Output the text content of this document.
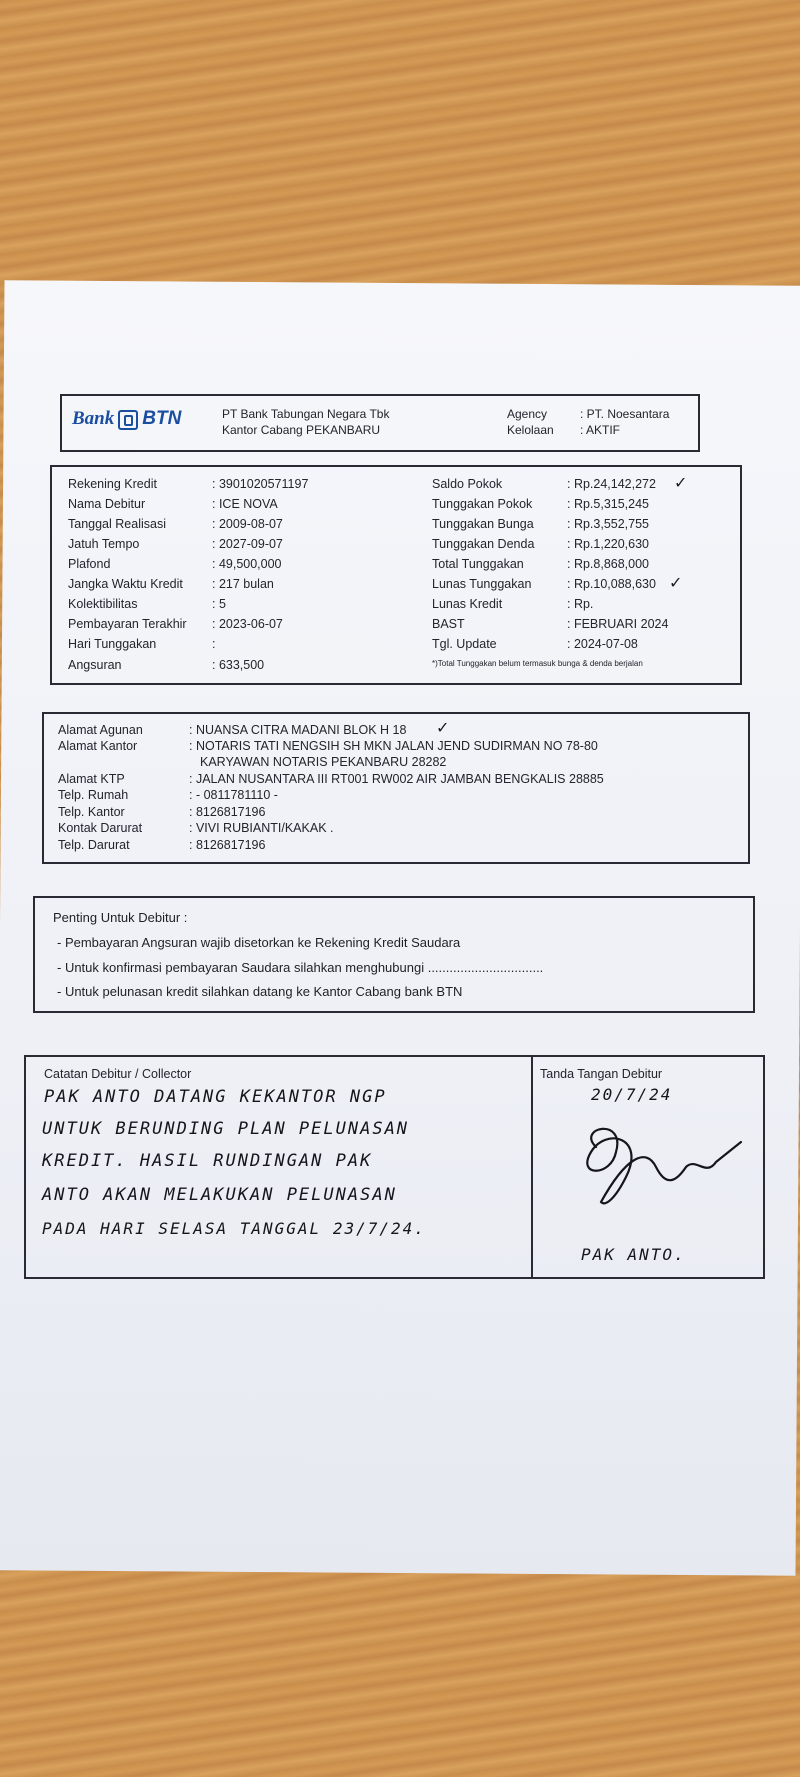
Bank BTN	PT Bank Tabungan Negara Tbk
Kantor Cabang PEKANBARU
Agency	: PT. Noesantara
Kelolaan : AKTIF
Rekening Kredit	: 3901020571197
Nama Debitur	: ICE NOVA
Tanggal Realisasi	: 2009-08-07
Jatuh Tempo	: 2027-09-07
Plafond	: 49,500,000
Jangka Waktu Kredit : 217 bulan
Kolektibilitas	: 5
Pembayaran Terakhir : 2023-06-07
Hari Tunggakan	:
Angsuran	: 633,500
Saldo Pokok	: Rp.24,142,272 ✓
Tunggakan Pokok	: Rp.5,315,245
Tunggakan Bunga	: Rp.3,552,755
Tunggakan Denda	: Rp.1,220,630
Total Tunggakan	: Rp.8,868,000
Lunas Tunggakan	: Rp.10,088,630 ✓
Lunas Kredit	: Rp.
BAST	: FEBRUARI 2024
Tgl. Update	: 2024-07-08
*)Total Tunggakan belum termasuk bunga & denda berjalan
Alamat Agunan	: NUANSA CITRA MADANI BLOK H 18 ✓
Alamat Kantor	: NOTARIS TATI NENGSIH SH MKN JALAN JEND SUDIRMAN NO 78-80
KARYAWAN NOTARIS PEKANBARU 28282
Alamat KTP	: JALAN NUSANTARA III RT001 RW002 AIR JAMBAN BENGKALIS 28885
Telp. Rumah	: - 0811781110 -
Telp. Kantor	: 8126817196
Kontak Darurat	: VIVI RUBIANTI/KAKAK .
Telp. Darurat	: 8126817196
Penting Untuk Debitur :
- Pembayaran Angsuran wajib disetorkan ke Rekening Kredit Saudara
- Untuk konfirmasi pembayaran Saudara silahkan menghubungi ................................
- Untuk pelunasan kredit silahkan datang ke Kantor Cabang bank BTN
Catatan Debitur / Collector	Tanda Tangan Debitur
PAK ANTO DATANG KEKANTOR NGP
UNTUK BERUNDING PLAN PELUNASAN
KREDIT. HASIL RUNDINGAN PAK
ANTO AKAN MELAKUKAN PELUNASAN
PADA HARI SELASA TANGGAL 23/7/24.
20/7/24
PAK ANTO.
